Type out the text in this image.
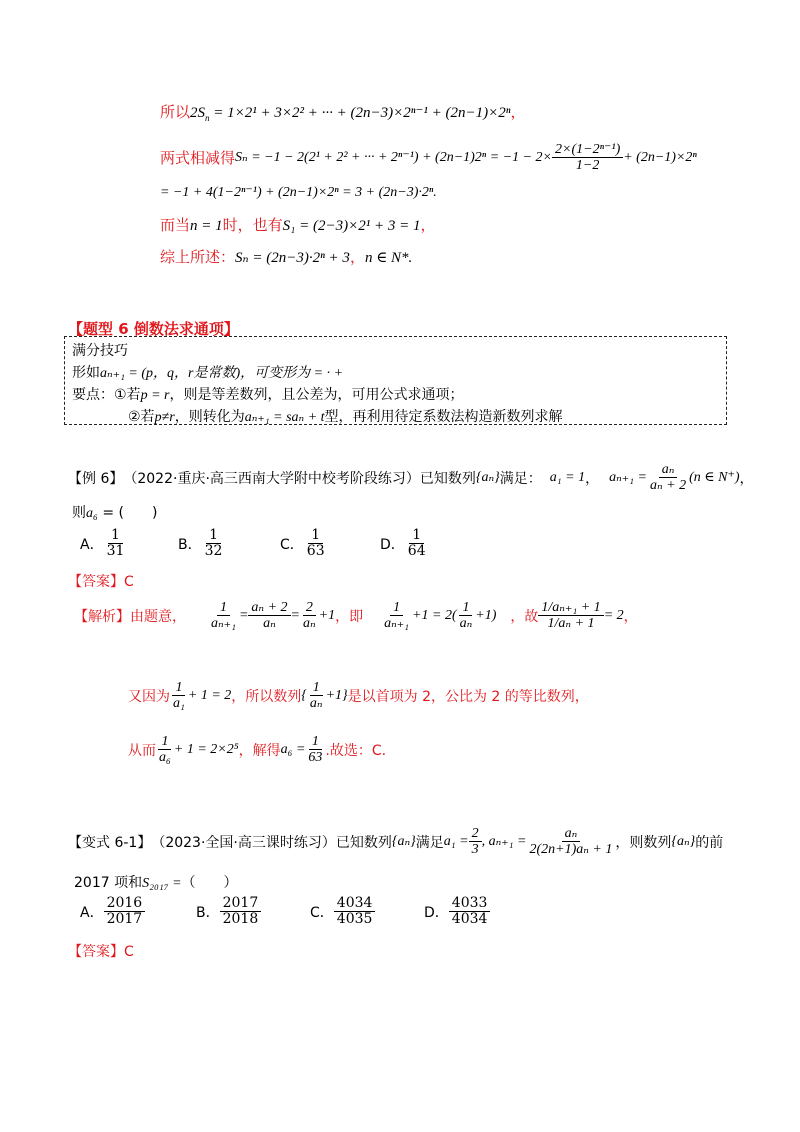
所以$2S_n = 1\times 2^1 + 3\times 2^2$ + ··· + (2n−3)×2ⁿ⁻¹ + (2n−1)×2ⁿ，
两式相减得 Sₙ = −1 − 2(2¹ + 2² + ··· + $2^{n-1}) + (2n-1)2^n = -1 - 2\times \frac{\text{2×(1−2ⁿ⁻¹)}}{1-2} + (2n-1)\times 2^n$
= −1 + 4(1−2ⁿ⁻¹) + (2n−1)×2ⁿ = 3 + (2n−3)·2ⁿ.
而当n = 1时，也有S₁ = (2−3)×2¹ + 3 = 1，
综上所述：Sₙ = (2n−3)·2ⁿ + 3，n ∈ N*.
【题型 6 倒数法求通项】
满分技巧
形如aₙ₊₁ = (p，q，r是常数)，可变形为 = · +
要点：①若p = r，则是等差数列，且公差为，可用公式求通项；
②若p≠r，则转化为aₙ₊₁ = saₙ + t型，再利用待定系数法构造新数列求解
【例 6】 （2022·重庆·高三西南大学附中校考阶段练习）已知数列 {aₙ} 满足： a₁ = 1 ， $a_{n+1} = \frac{\text{aₙ}}{\text{aₙ + 2}} (n$ ∈ N⁺) ，
则a₆ = (　　)
A． $\frac{1}{31}$	B． $\frac{1}{32}$	C． $\frac{1}{63}$	D． $\frac{1}{64}$
【答案】C
【解析】由题意， $\frac{1}{\text{aₙ₊₁}} = \frac{\text{aₙ + 2}}{\text{aₙ}} = \frac{2}{\text{aₙ}} +1$ ，即 $\frac{1}{\text{aₙ₊₁}} +1 = 2( \frac{1}{\text{aₙ}} +1)$ ，故 $\frac{\text{1/aₙ₊₁ + 1}}{\text{1/aₙ + 1}} = 2$ ，
又因为 $\frac{1}{\text{a₁}} + 1 = 2$ ，所以数列 { $\frac{1}{\text{aₙ}} +1$} 是以首项为 2，公比为 2 的等比数列，
从而 $\frac{1}{\text{a₆}} + 1 = 2\times 2^5$ ，解得 $a_6 = \frac{1}{63}$ .故选：C.
【变式 6-1】 （2023·全国·高三课时练习）已知数列 {aₙ} 满足 $a_1 = \frac{2}{3}$ , $a_{n+1} = \frac{\text{aₙ}}{\text{2(2n+1)aₙ + 1}}$ ，则数列 {aₙ} 的前
2017 项和S₂₀₁₇ =（　　）
A． $\frac{2016}{2017}$	B． $\frac{2017}{2018}$	C． $\frac{4034}{4035}$	D． $\frac{4033}{4034}$
【答案】C
